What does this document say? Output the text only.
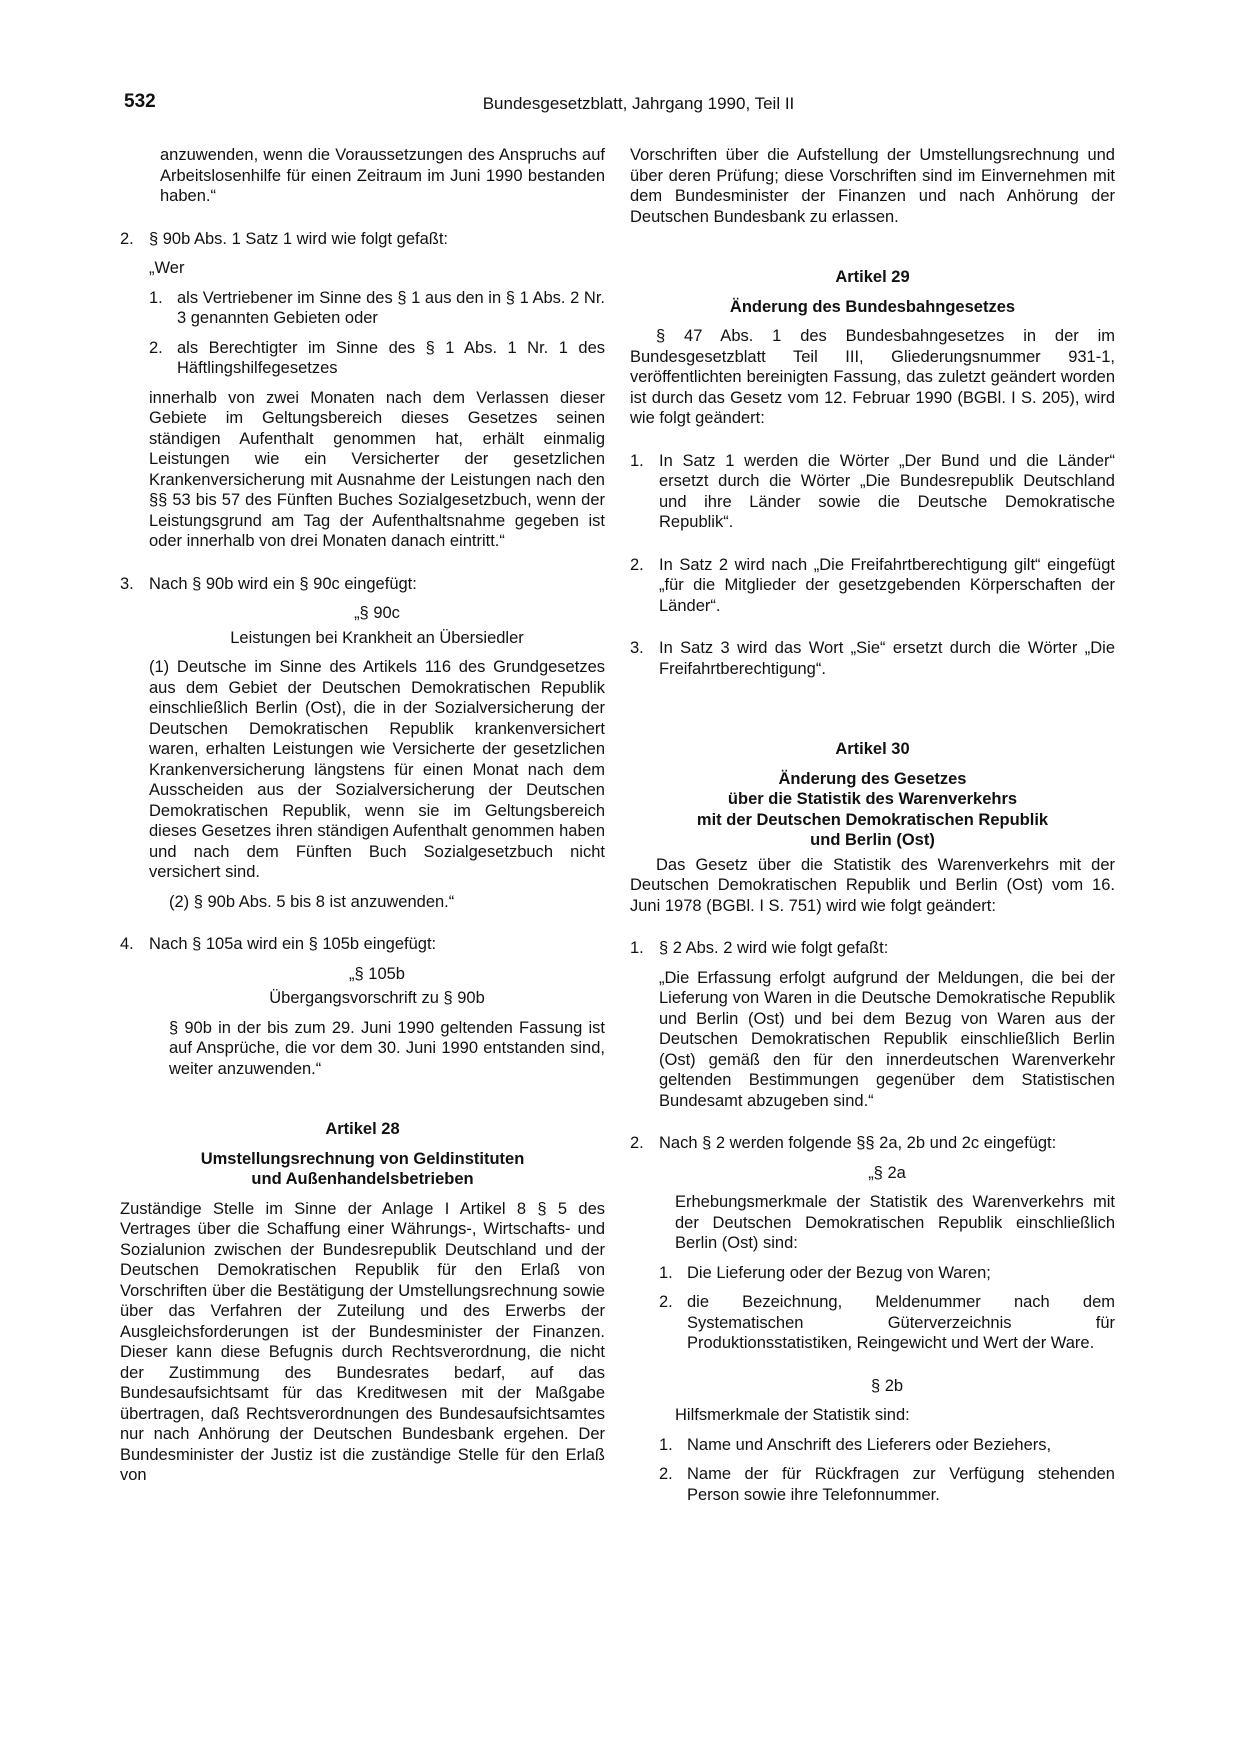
532	Bundesgesetzblatt, Jahrgang 1990, Teil II

anzuwenden, wenn die Voraussetzungen des Anspruchs auf Arbeitslosenhilfe für einen Zeitraum im Juni 1990 bestanden haben.“

2. § 90b Abs. 1 Satz 1 wird wie folgt gefaßt:

„Wer

1. als Vertriebener im Sinne des § 1 aus den in § 1 Abs. 2 Nr. 3 genannten Gebieten oder
2. als Berechtigter im Sinne des § 1 Abs. 1 Nr. 1 des Häftlingshilfegesetzes

innerhalb von zwei Monaten nach dem Verlassen dieser Gebiete im Geltungsbereich dieses Gesetzes seinen ständigen Aufenthalt genommen hat, erhält einmalig Leistungen wie ein Versicherter der gesetzlichen Krankenversicherung mit Ausnahme der Leistungen nach den §§ 53 bis 57 des Fünften Buches Sozialgesetzbuch, wenn der Leistungsgrund am Tag der Aufenthaltsnahme gegeben ist oder innerhalb von drei Monaten danach eintritt.“

3. Nach § 90b wird ein § 90c eingefügt:

„§ 90c

Leistungen bei Krankheit an Übersiedler

(1) Deutsche im Sinne des Artikels 116 des Grundgesetzes aus dem Gebiet der Deutschen Demokratischen Republik einschließlich Berlin (Ost), die in der Sozialversicherung der Deutschen Demokratischen Republik krankenversichert waren, erhalten Leistungen wie Versicherte der gesetzlichen Krankenversicherung längstens für einen Monat nach dem Ausscheiden aus der Sozialversicherung der Deutschen Demokratischen Republik, wenn sie im Geltungsbereich dieses Gesetzes ihren ständigen Aufenthalt genommen haben und nach dem Fünften Buch Sozialgesetzbuch nicht versichert sind.

(2) § 90b Abs. 5 bis 8 ist anzuwenden.“

4. Nach § 105a wird ein § 105b eingefügt:

„§ 105b

Übergangsvorschrift zu § 90b

§ 90b in der bis zum 29. Juni 1990 geltenden Fassung ist auf Ansprüche, die vor dem 30. Juni 1990 entstanden sind, weiter anzuwenden.“

Artikel 28

Umstellungsrechnung von Geldinstituten

und Außenhandelsbetrieben

Zuständige Stelle im Sinne der Anlage I Artikel 8 § 5 des Vertrages über die Schaffung einer Währungs-, Wirtschafts- und Sozialunion zwischen der Bundesrepublik Deutschland und der Deutschen Demokratischen Republik für den Erlaß von Vorschriften über die Bestätigung der Umstellungsrechnung sowie über das Verfahren der Zuteilung und des Erwerbs der Ausgleichsforderungen ist der Bundesminister der Finanzen. Dieser kann diese Befugnis durch Rechtsverordnung, die nicht der Zustimmung des Bundesrates bedarf, auf das Bundesaufsichtsamt für das Kreditwesen mit der Maßgabe übertragen, daß Rechtsverordnungen des Bundesaufsichtsamtes nur nach Anhörung der Deutschen Bundesbank ergehen. Der Bundesminister der Justiz ist die zuständige Stelle für den Erlaß von

Vorschriften über die Aufstellung der Umstellungsrechnung und über deren Prüfung; diese Vorschriften sind im Einvernehmen mit dem Bundesminister der Finanzen und nach Anhörung der Deutschen Bundesbank zu erlassen.

Artikel 29

Änderung des Bundesbahngesetzes

§ 47 Abs. 1 des Bundesbahngesetzes in der im Bundesgesetzblatt Teil III, Gliederungsnummer 931-1, veröffentlichten bereinigten Fassung, das zuletzt geändert worden ist durch das Gesetz vom 12. Februar 1990 (BGBl. I S. 205), wird wie folgt geändert:

1. In Satz 1 werden die Wörter „Der Bund und die Länder“ ersetzt durch die Wörter „Die Bundesrepublik Deutschland und ihre Länder sowie die Deutsche Demokratische Republik“.
2. In Satz 2 wird nach „Die Freifahrtberechtigung gilt“ eingefügt „für die Mitglieder der gesetzgebenden Körperschaften der Länder“.
3. In Satz 3 wird das Wort „Sie“ ersetzt durch die Wörter „Die Freifahrtberechtigung“.

Artikel 30

Änderung des Gesetzes

über die Statistik des Warenverkehrs

mit der Deutschen Demokratischen Republik

und Berlin (Ost)

Das Gesetz über die Statistik des Warenverkehrs mit der Deutschen Demokratischen Republik und Berlin (Ost) vom 16. Juni 1978 (BGBl. I S. 751) wird wie folgt geändert:

1. § 2 Abs. 2 wird wie folgt gefaßt:

„Die Erfassung erfolgt aufgrund der Meldungen, die bei der Lieferung von Waren in die Deutsche Demokratische Republik und Berlin (Ost) und bei dem Bezug von Waren aus der Deutschen Demokratischen Republik einschließlich Berlin (Ost) gemäß den für den innerdeutschen Warenverkehr geltenden Bestimmungen gegenüber dem Statistischen Bundesamt abzugeben sind.“

2. Nach § 2 werden folgende §§ 2a, 2b und 2c eingefügt:

„§ 2a

Erhebungsmerkmale der Statistik des Warenverkehrs mit der Deutschen Demokratischen Republik einschließlich Berlin (Ost) sind:

1. Die Lieferung oder der Bezug von Waren;
2. die Bezeichnung, Meldenummer nach dem Systematischen Güterverzeichnis für Produktionsstatistiken, Reingewicht und Wert der Ware.

§ 2b

Hilfsmerkmale der Statistik sind:

1. Name und Anschrift des Lieferers oder Beziehers,
2. Name der für Rückfragen zur Verfügung stehenden Person sowie ihre Telefonnummer.
